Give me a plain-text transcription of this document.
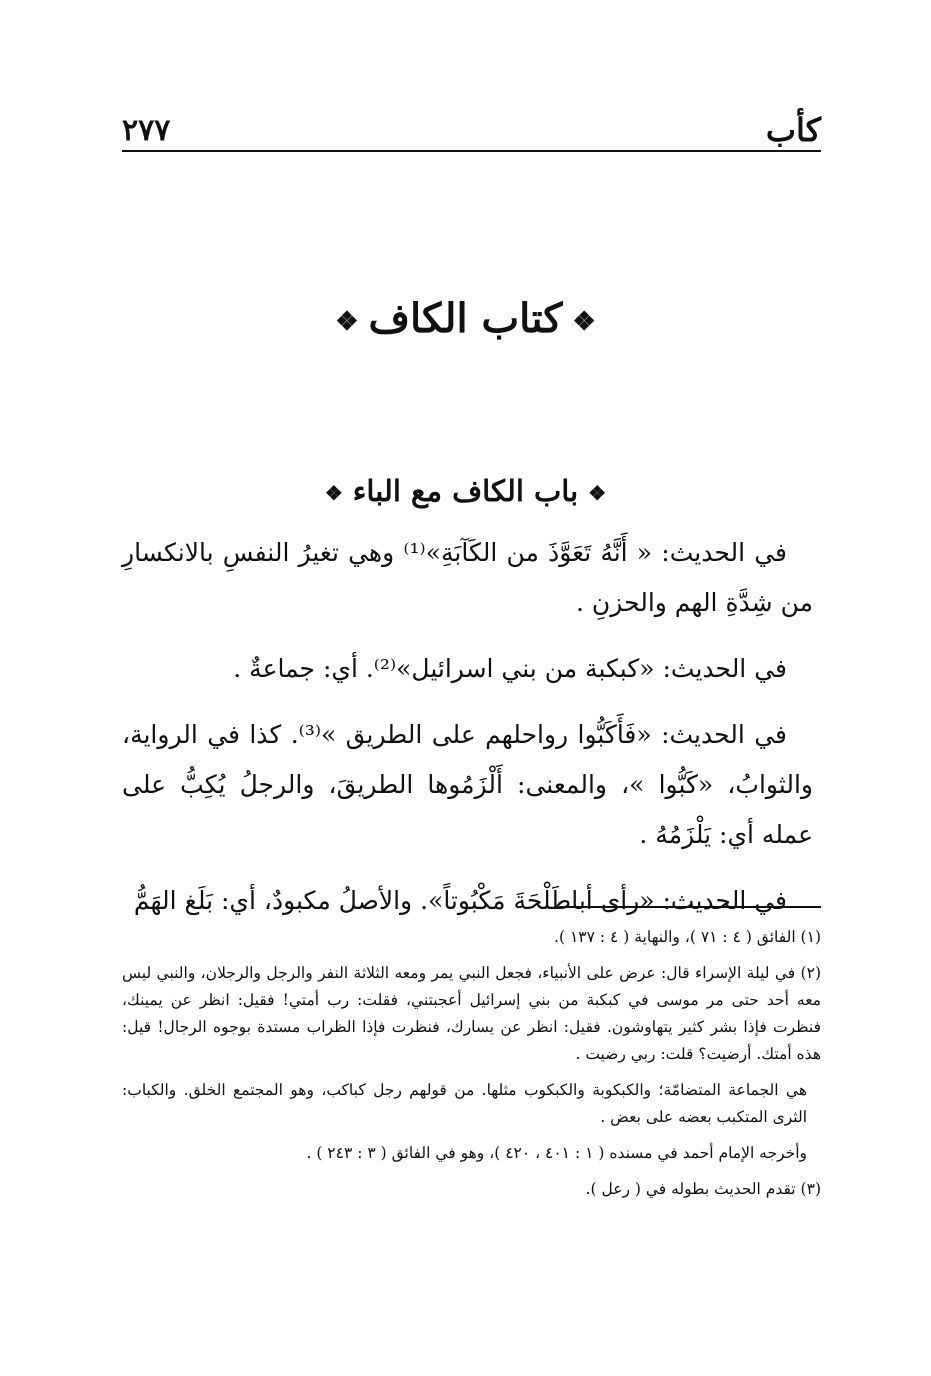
٢٧٧	كأب
❖كتاب الكاف❖
❖باب الكاف مع الباء❖

في الحديث: « أَنَّهُ تَعَوَّذَ من الكَآبَةِ»⁽¹⁾ وهي تغيرُ النفسِ بالانكسارِ من شِدَّةِ الهم والحزنِ .

في الحديث: «كبكبة من بني اسرائيل»⁽²⁾. أي: جماعةٌ .

في الحديث: «فَأَكَبُّوا رواحلهم على الطريق »⁽³⁾. كذا في الرواية، والثوابُ، «كَبُّوا »، والمعنى: أَلْزَمُوها الطريقَ، والرجلُ يُكِبُّ على عمله أي: يَلْزَمُهُ .

في الحديث: «رأى أباطَلْحَةَ مَكْبُوتاً». والأصلُ مكبودٌ، أي: بَلَغ الهَمُّ

(١) الفائق ( ٤ : ٧١ )، والنهاية ( ٤ : ١٣٧ ).

(٢) في ليلة الإسراء قال: عرض على الأنبياء، فجعل النبي يمر ومعه الثلاثة النفر والرجل والرجلان، والنبي ليس معه أحد حتى مر موسى في كبكبة من بني إسرائيل أعجبتني، فقلت: رب أمتي! فقيل: انظر عن يمينك، فنظرت فإذا بشر كثير يتهاوشون. فقيل: انظر عن يسارك، فنظرت فإذا الظراب مستدة بوجوه الرجال! قيل: هذه أمتك. أرضيت؟ قلت: ربي رضيت .

هي الجماعة المتضامّة؛ والكبكوبة والكبكوب مثلها. من قولهم رجل كباكب، وهو المجتمع الخلق. والكباب: الثرى المتكبب بعضه على بعض .

وأخرجه الإمام أحمد في مسنده ( ١ : ٤٠١ ، ٤٢٠ )، وهو في الفائق ( ٣ : ٢٤٣ ) .

(٣) تقدم الحديث بطوله في ( رعل ).
